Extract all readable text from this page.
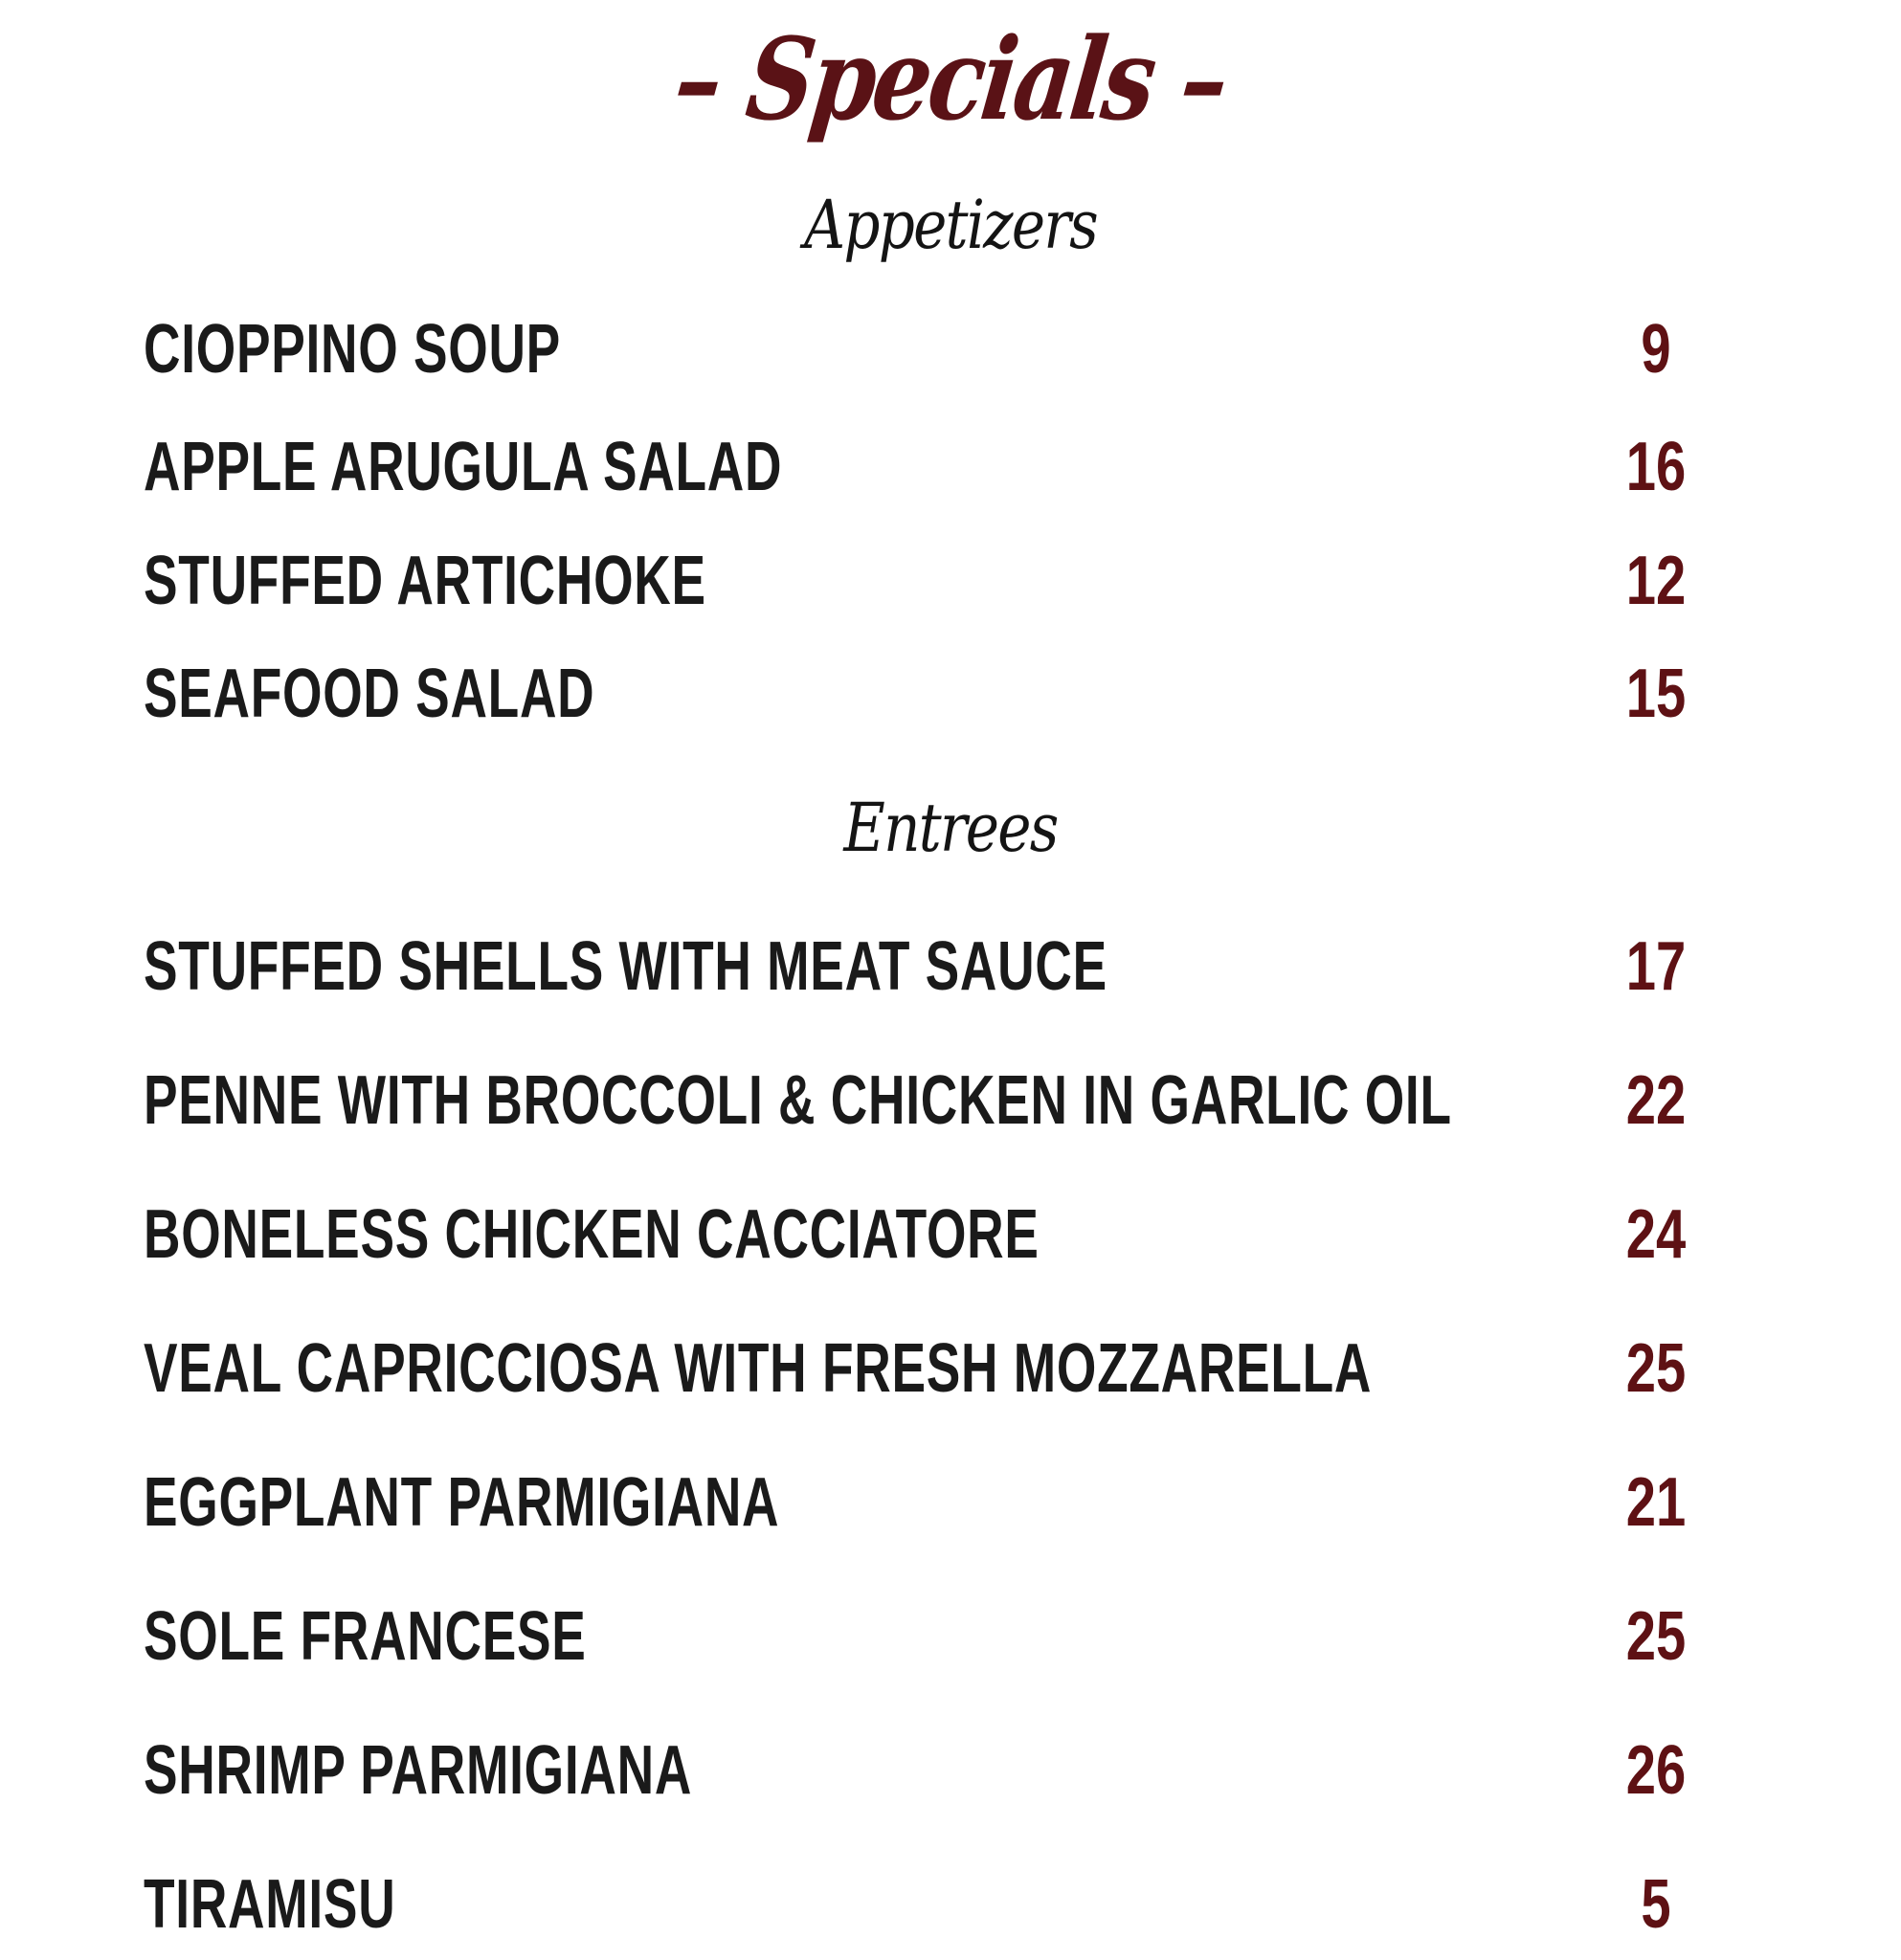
– Specials –
Appetizers
CIOPPINO SOUP	9
APPLE ARUGULA SALAD	16
STUFFED ARTICHOKE	12
SEAFOOD SALAD	15
Entrees
STUFFED SHELLS WITH MEAT SAUCE	17
PENNE WITH BROCCOLI & CHICKEN IN GARLIC OIL	22
BONELESS CHICKEN CACCIATORE	24
VEAL CAPRICCIOSA WITH FRESH MOZZARELLA	25
EGGPLANT PARMIGIANA	21
SOLE FRANCESE	25
SHRIMP PARMIGIANA	26
TIRAMISU	5
